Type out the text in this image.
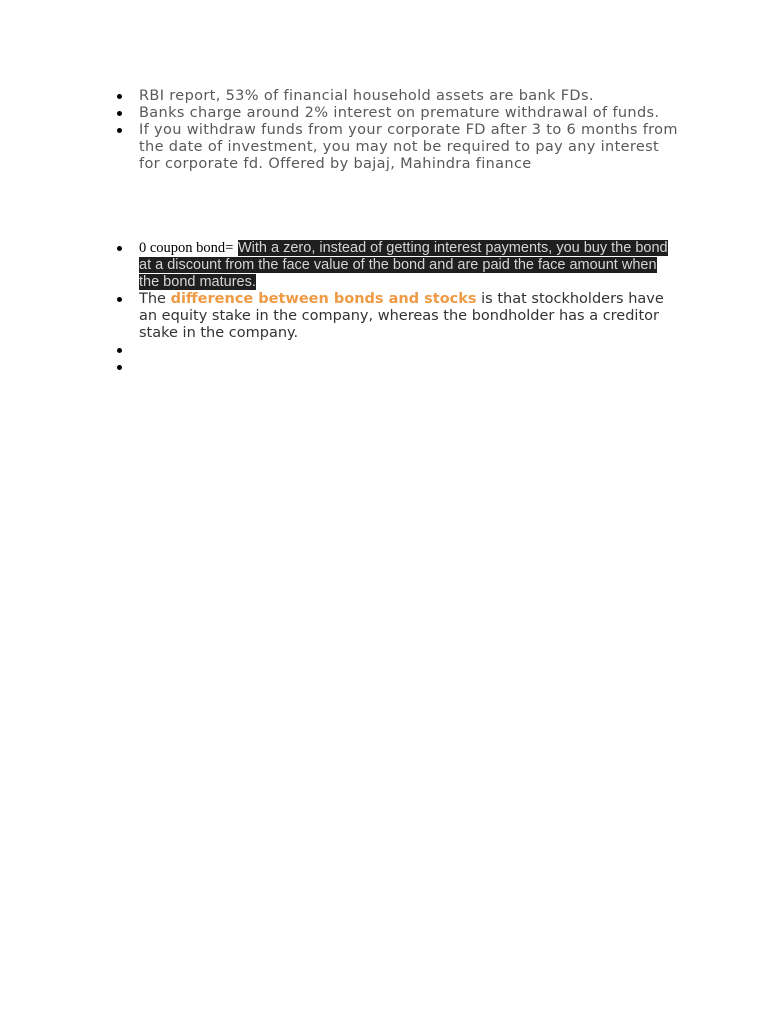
RBI report, 53% of financial household assets are bank FDs.
Banks charge around 2% interest on premature withdrawal of funds.
If you withdraw funds from your corporate FD after 3 to 6 months from the date of investment, you may not be required to pay any interest for corporate fd. Offered by bajaj, Mahindra finance
0 coupon bond= With a zero, instead of getting interest payments, you buy the bond at a discount from the face value of the bond and are paid the face amount when the bond matures.
The difference between bonds and stocks is that stockholders have an equity stake in the company, whereas the bondholder has a creditor stake in the company.
